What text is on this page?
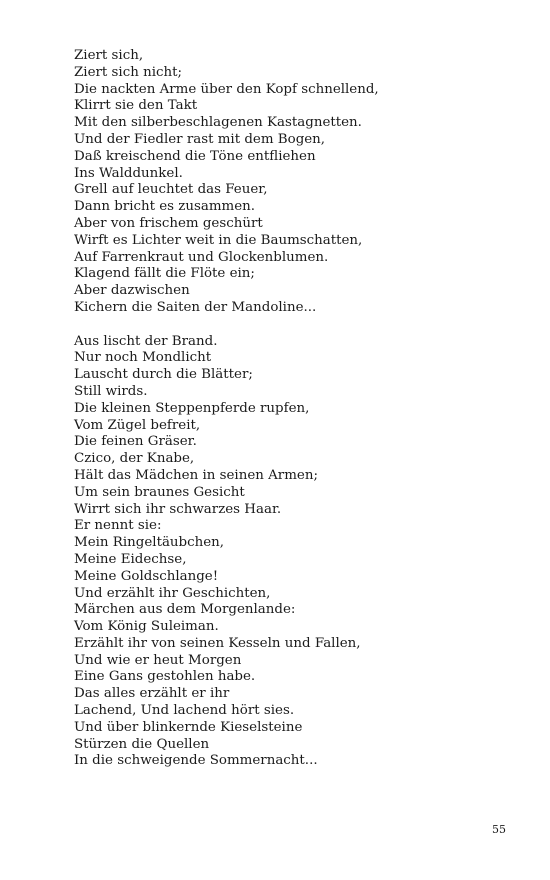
Ziert sich,
Ziert sich nicht;
Die nackten Arme über den Kopf schnellend,
Klirrt sie den Takt
Mit den silberbeschlagenen Kastagnetten.
Und der Fiedler rast mit dem Bogen,
Daß kreischend die Töne entfliehen
Ins Walddunkel.
Grell auf leuchtet das Feuer,
Dann bricht es zusammen.
Aber von frischem geschürt
Wirft es Lichter weit in die Baumschatten,
Auf Farrenkraut und Glockenblumen.
Klagend fällt die Flöte ein;
Aber dazwischen
Kichern die Saiten der Mandoline...
Aus lischt der Brand.
Nur noch Mondlicht
Lauscht durch die Blätter;
Still wirds.
Die kleinen Steppenpferde rupfen,
Vom Zügel befreit,
Die feinen Gräser.
Czico, der Knabe,
Hält das Mädchen in seinen Armen;
Um sein braunes Gesicht
Wirrt sich ihr schwarzes Haar.
Er nennt sie:
Mein Ringeltäubchen,
Meine Eidechse,
Meine Goldschlange!
Und erzählt ihr Geschichten,
Märchen aus dem Morgenlande:
Vom König Suleiman.
Erzählt ihr von seinen Kesseln und Fallen,
Und wie er heut Morgen
Eine Gans gestohlen habe.
Das alles erzählt er ihr
Lachend, Und lachend hört sies.
Und über blinkernde Kieselsteine
Stürzen die Quellen
In die schweigende Sommernacht...
55
